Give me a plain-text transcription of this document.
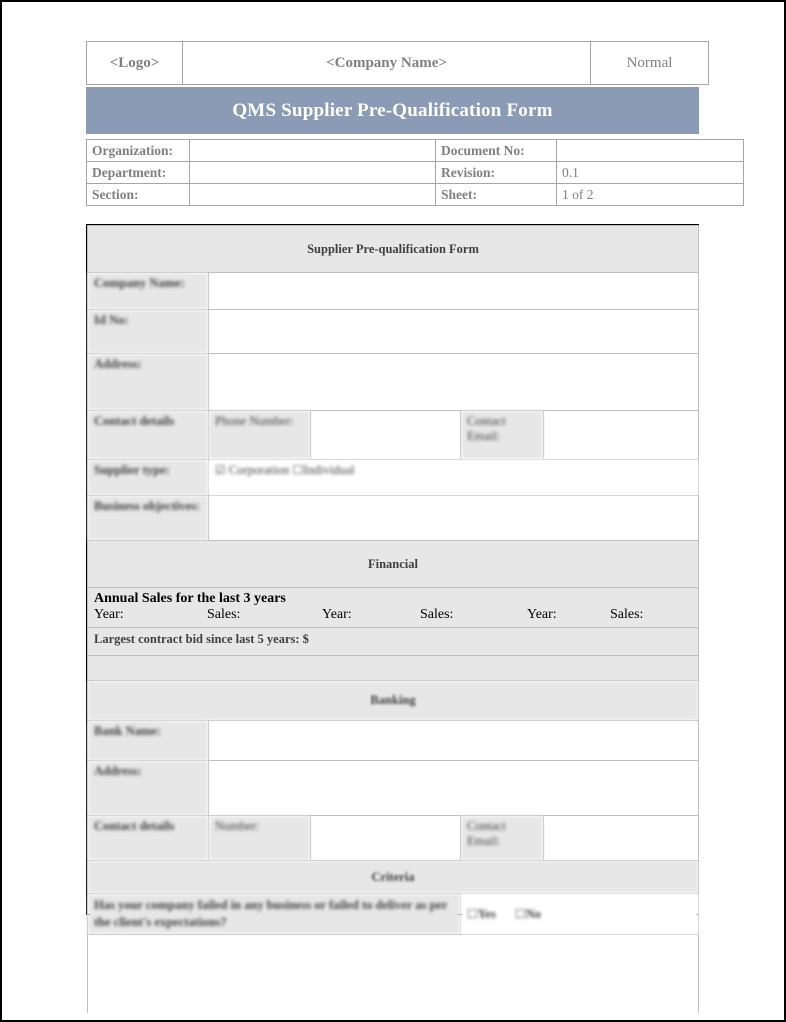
<Logo>	<Company Name>	Normal
QMS Supplier Pre-Qualification Form
Organization:		Document No:	
Department:		Revision:	0.1
Section:		Sheet:	1 of 2
Supplier Pre-qualification Form				
Company Name:				
Id No:				
Address:				
Contact details	Phone Number:		Contact Email:	
Supplier type:	☑ Corporation ☐Individual			
Business objectives:				
Financial				

Annual Sales for the last 3 years
Year:	Sales:	Year:	Sales:	Year:	Sales:

Largest contract bid since last 5 years: $				

Banking				
Bank Name:				
Address:				
Contact details	Number:		Contact Email:	
Criteria				
Has your company failed in any business or failed to deliver as per the client's expectations?			☐Yes ☐No	
